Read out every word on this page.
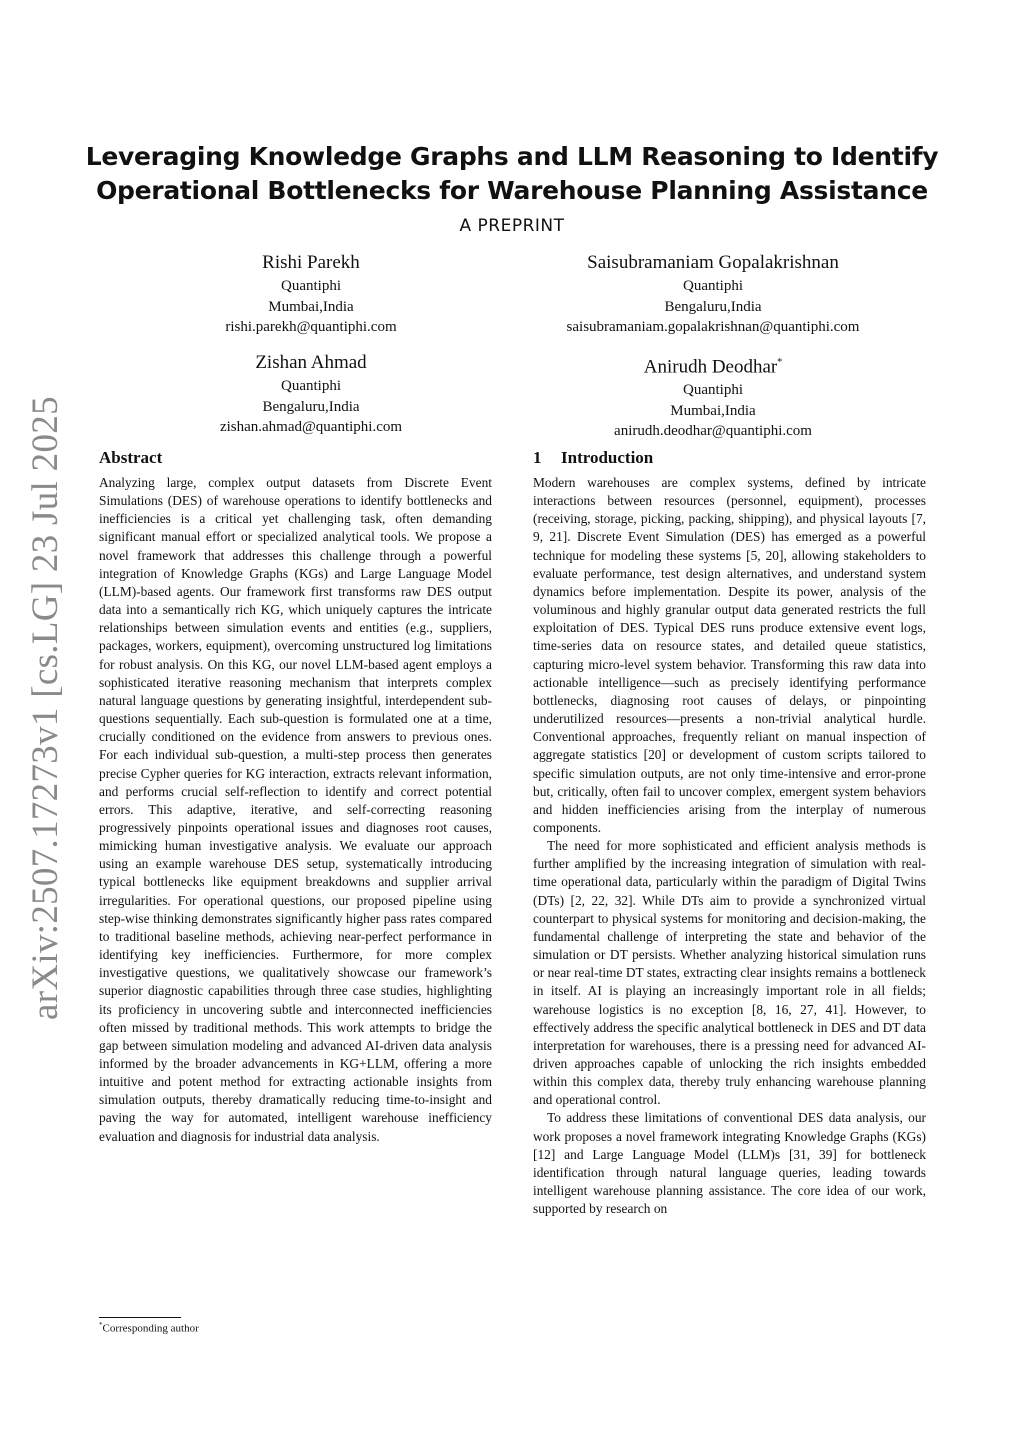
arXiv:2507.17273v1 [cs.LG] 23 Jul 2025
Leveraging Knowledge Graphs and LLM Reasoning to Identify
Operational Bottlenecks for Warehouse Planning Assistance
A PREPRINT
Rishi Parekh
Quantiphi
Mumbai,India
rishi.parekh@quantiphi.com
Saisubramaniam Gopalakrishnan
Quantiphi
Bengaluru,India
saisubramaniam.gopalakrishnan@quantiphi.com
Zishan Ahmad
Quantiphi
Bengaluru,India
zishan.ahmad@quantiphi.com
Anirudh Deodhar*
Quantiphi
Mumbai,India
anirudh.deodhar@quantiphi.com
Abstract

Analyzing large, complex output datasets from Discrete Event Simulations (DES) of warehouse operations to identify bottlenecks and inefficiencies is a critical yet challenging task, often demanding significant manual effort or specialized analytical tools. We propose a novel framework that addresses this challenge through a powerful integration of Knowledge Graphs (KGs) and Large Language Model (LLM)-based agents. Our framework first transforms raw DES output data into a semantically rich KG, which uniquely captures the intricate relationships between simulation events and entities (e.g., suppliers, packages, workers, equipment), overcoming unstructured log limitations for robust analysis. On this KG, our novel LLM-based agent employs a sophisticated iterative reasoning mechanism that interprets complex natural language questions by generating insightful, interdependent sub-questions sequentially. Each sub-question is formulated one at a time, crucially conditioned on the evidence from answers to previous ones. For each individual sub-question, a multi-step process then generates precise Cypher queries for KG interaction, extracts relevant information, and performs crucial self-reflection to identify and correct potential errors. This adaptive, iterative, and self-correcting reasoning progressively pinpoints operational issues and diagnoses root causes, mimicking human investigative analysis. We evaluate our approach using an example warehouse DES setup, systematically introducing typical bottlenecks like equipment breakdowns and supplier arrival irregularities. For operational questions, our proposed pipeline using step-wise thinking demonstrates significantly higher pass rates compared to traditional baseline methods, achieving near-perfect performance in identifying key inefficiencies. Furthermore, for more complex investigative questions, we qualitatively showcase our framework’s superior diagnostic capabilities through three case studies, highlighting its proficiency in uncovering subtle and interconnected inefficiencies often missed by traditional methods. This work attempts to bridge the gap between simulation modeling and advanced AI-driven data analysis informed by the broader advancements in KG+LLM, offering a more intuitive and potent method for extracting actionable insights from simulation outputs, thereby dramatically reducing time-to-insight and paving the way for automated, intelligent warehouse inefficiency evaluation and diagnosis for industrial data analysis.

1 Introduction

Modern warehouses are complex systems, defined by intricate interactions between resources (personnel, equipment), processes (receiving, storage, picking, packing, shipping), and physical layouts [7, 9, 21]. Discrete Event Simulation (DES) has emerged as a powerful technique for modeling these systems [5, 20], allowing stakeholders to evaluate performance, test design alternatives, and understand system dynamics before implementation. Despite its power, analysis of the voluminous and highly granular output data generated restricts the full exploitation of DES. Typical DES runs produce extensive event logs, time-series data on resource states, and detailed queue statistics, capturing micro-level system behavior. Transforming this raw data into actionable intelligence—such as precisely identifying performance bottlenecks, diagnosing root causes of delays, or pinpointing underutilized resources—presents a non-trivial analytical hurdle. Conventional approaches, frequently reliant on manual inspection of aggregate statistics [20] or development of custom scripts tailored to specific simulation outputs, are not only time-intensive and error-prone but, critically, often fail to uncover complex, emergent system behaviors and hidden inefficiencies arising from the interplay of numerous components.

The need for more sophisticated and efficient analysis methods is further amplified by the increasing integration of simulation with real-time operational data, particularly within the paradigm of Digital Twins (DTs) [2, 22, 32]. While DTs aim to provide a synchronized virtual counterpart to physical systems for monitoring and decision-making, the fundamental challenge of interpreting the state and behavior of the simulation or DT persists. Whether analyzing historical simulation runs or near real-time DT states, extracting clear insights remains a bottleneck in itself. AI is playing an increasingly important role in all fields; warehouse logistics is no exception [8, 16, 27, 41]. However, to effectively address the specific analytical bottleneck in DES and DT data interpretation for warehouses, there is a pressing need for advanced AI-driven approaches capable of unlocking the rich insights embedded within this complex data, thereby truly enhancing warehouse planning and operational control.

To address these limitations of conventional DES data analysis, our work proposes a novel framework integrating Knowledge Graphs (KGs) [12] and Large Language Model (LLM)s [31, 39] for bottleneck identification through natural language queries, leading towards intelligent warehouse planning assistance. The core idea of our work, supported by research on

*Corresponding author
